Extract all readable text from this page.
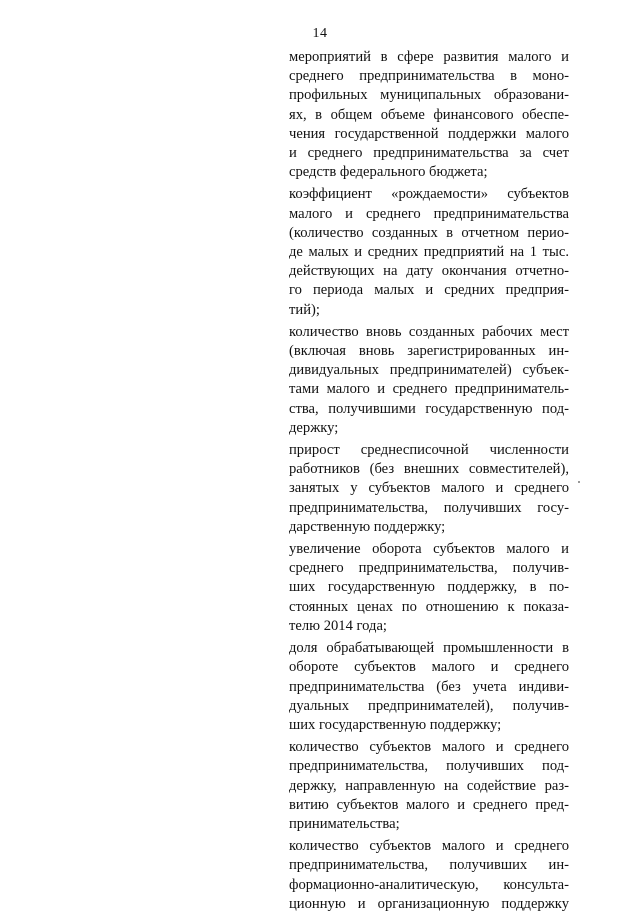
14
мероприятий в сфере развития малого и
среднего предпринимательства в моно-
профильных муниципальных образовани-
ях, в общем объеме финансового обеспе-
чения государственной поддержки малого
и среднего предпринимательства за счет
средств федерального бюджета;
коэффициент «рождаемости» субъектов
малого и среднего предпринимательства
(количество созданных в отчетном перио-
де малых и средних предприятий на 1 тыс.
действующих на дату окончания отчетно-
го периода малых и средних предприя-
тий);
количество вновь созданных рабочих мест
(включая вновь зарегистрированных ин-
дивидуальных предпринимателей) субъек-
тами малого и среднего предприниматель-
ства, получившими государственную под-
держку;
прирост среднесписочной численности
работников (без внешних совместителей),
занятых у субъектов малого и среднего
предпринимательства, получивших госу-
дарственную поддержку;
увеличение оборота субъектов малого и
среднего предпринимательства, получив-
ших государственную поддержку, в по-
стоянных ценах по отношению к показа-
телю 2014 года;
доля обрабатывающей промышленности в
обороте субъектов малого и среднего
предпринимательства (без учета индиви-
дуальных предпринимателей), получив-
ших государственную поддержку;
количество субъектов малого и среднего
предпринимательства, получивших под-
держку, направленную на содействие раз-
витию субъектов малого и среднего пред-
принимательства;
количество субъектов малого и среднего
предпринимательства, получивших ин-
формационно-аналитическую, консульта-
ционную и организационную поддержку
